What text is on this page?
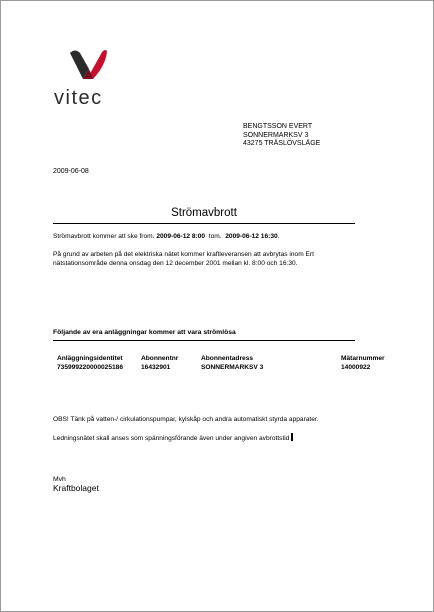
vitec
BENGTSSON EVERT
SONNERMARKSV 3
43275 TRÄSLÖVSLÄGE
2009-06-08
Strömavbrott
Strömavbrott kommer att ske from. 2009-06-12 8:00  tom.  2009-06-12 16:30.
På grund av arbeten på det elektriska nätet kommer kraftleveransen att avbrytas inom Ert nätstationsområde denna onsdag den 12 december 2001 mellan kl. 8:00 och 16:30.
Följande av era anläggningar kommer att vara strömlösa
Anläggningsidentitet
735999220000025186
Abonnentnr
16432901
Abonnentadress
SONNERMARKSV 3
Mätarnummer
14000922
OBS! Tänk på vatten-/ cirkulationspumpar, kylskåp och andra automatiskt styrda apparater.
Ledningsnätet skall anses som spänningsförande även under angiven avbrottstid
Mvh
Kraftbolaget
